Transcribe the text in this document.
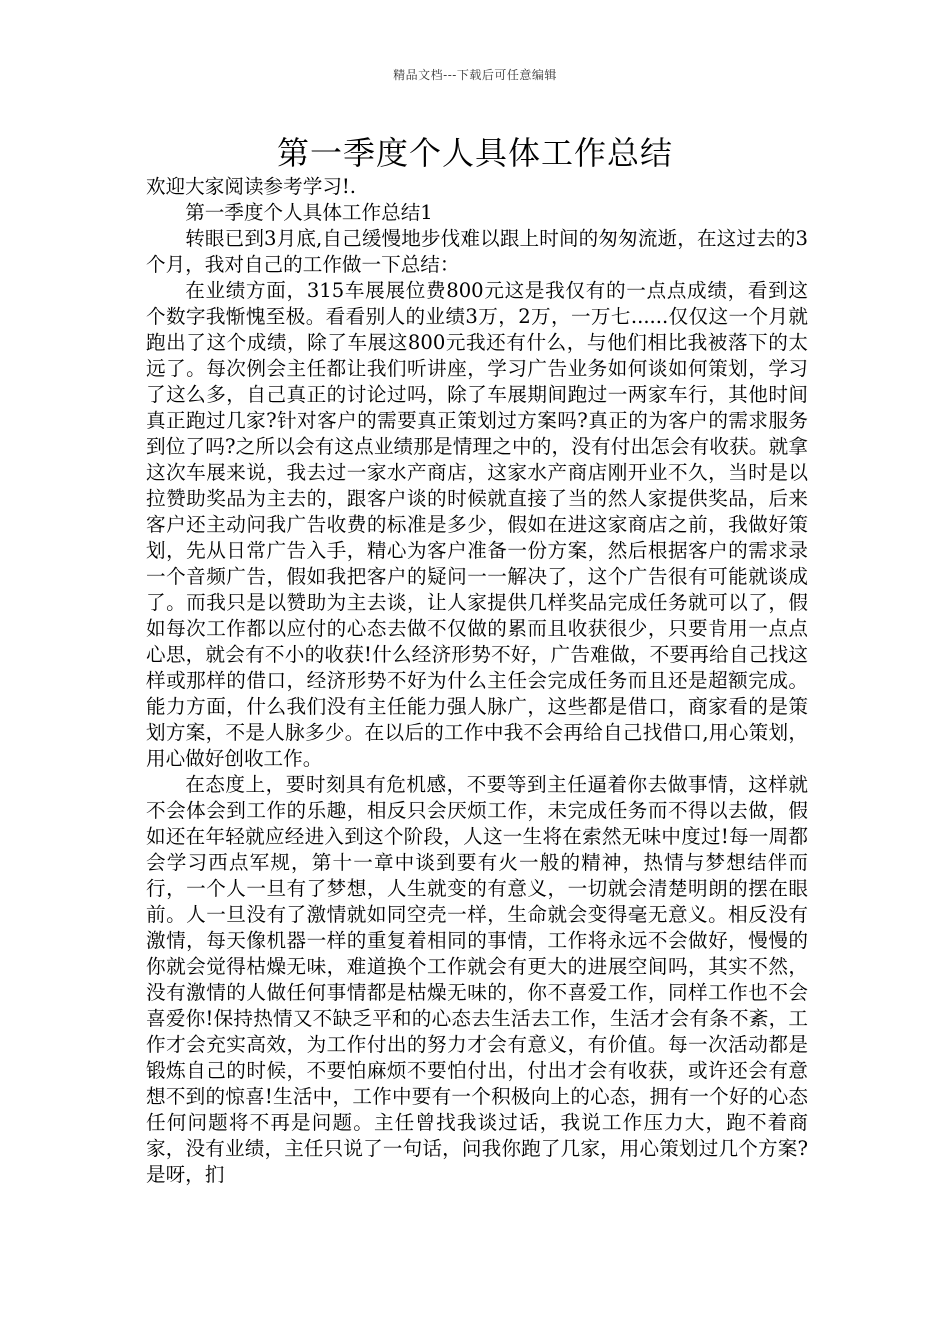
精品文档---下载后可任意编辑
第一季度个人具体工作总结

欢迎大家阅读参考学习!.

第一季度个人具体工作总结1

转眼已到3月底,自己缓慢地步伐难以跟上时间的匆匆流逝，在这过去的3个月，我对自己的工作做一下总结：

在业绩方面，315车展展位费800元这是我仅有的一点点成绩，看到这个数字我惭愧至极。看看别人的业绩3万，2万，一万七......仅仅这一个月就跑出了这个成绩，除了车展这800元我还有什么，与他们相比我被落下的太远了。每次例会主任都让我们听讲座，学习广告业务如何谈如何策划，学习了这么多，自己真正的讨论过吗，除了车展期间跑过一两家车行，其他时间真正跑过几家?针对客户的需要真正策划过方案吗?真正的为客户的需求服务到位了吗?之所以会有这点业绩那是情理之中的，没有付出怎会有收获。就拿这次车展来说，我去过一家水产商店，这家水产商店刚开业不久，当时是以拉赞助奖品为主去的，跟客户谈的时候就直接了当的然人家提供奖品，后来客户还主动问我广告收费的标准是多少，假如在进这家商店之前，我做好策划，先从日常广告入手，精心为客户准备一份方案，然后根据客户的需求录一个音频广告，假如我把客户的疑问一一解决了，这个广告很有可能就谈成了。而我只是以赞助为主去谈，让人家提供几样奖品完成任务就可以了，假如每次工作都以应付的心态去做不仅做的累而且收获很少，只要肯用一点点心思，就会有不小的收获!什么经济形势不好，广告难做，不要再给自己找这样或那样的借口，经济形势不好为什么主任会完成任务而且还是超额完成。能力方面，什么我们没有主任能力强人脉广，这些都是借口，商家看的是策划方案，不是人脉多少。在以后的工作中我不会再给自己找借口,用心策划，用心做好创收工作。

在态度上，要时刻具有危机感，不要等到主任逼着你去做事情，这样就不会体会到工作的乐趣，相反只会厌烦工作，未完成任务而不得以去做，假如还在年轻就应经进入到这个阶段，人这一生将在索然无味中度过!每一周都会学习西点军规，第十一章中谈到要有火一般的精神，热情与梦想结伴而行，一个人一旦有了梦想，人生就变的有意义，一切就会清楚明朗的摆在眼前。人一旦没有了激情就如同空壳一样，生命就会变得毫无意义。相反没有激情，每天像机器一样的重复着相同的事情，工作将永远不会做好，慢慢的你就会觉得枯燥无味，难道换个工作就会有更大的进展空间吗，其实不然，没有激情的人做任何事情都是枯燥无味的，你不喜爱工作，同样工作也不会喜爱你!保持热情又不缺乏平和的心态去生活去工作，生活才会有条不紊，工作才会充实高效，为工作付出的努力才会有意义，有价值。每一次活动都是锻炼自己的时候，不要怕麻烦不要怕付出，付出才会有收获，或许还会有意想不到的惊喜!生活中，工作中要有一个积极向上的心态，拥有一个好的心态任何问题将不再是问题。主任曾找我谈过话，我说工作压力大，跑不着商家，没有业绩，主任只说了一句话，问我你跑了几家，用心策划过几个方案?是呀，扪
